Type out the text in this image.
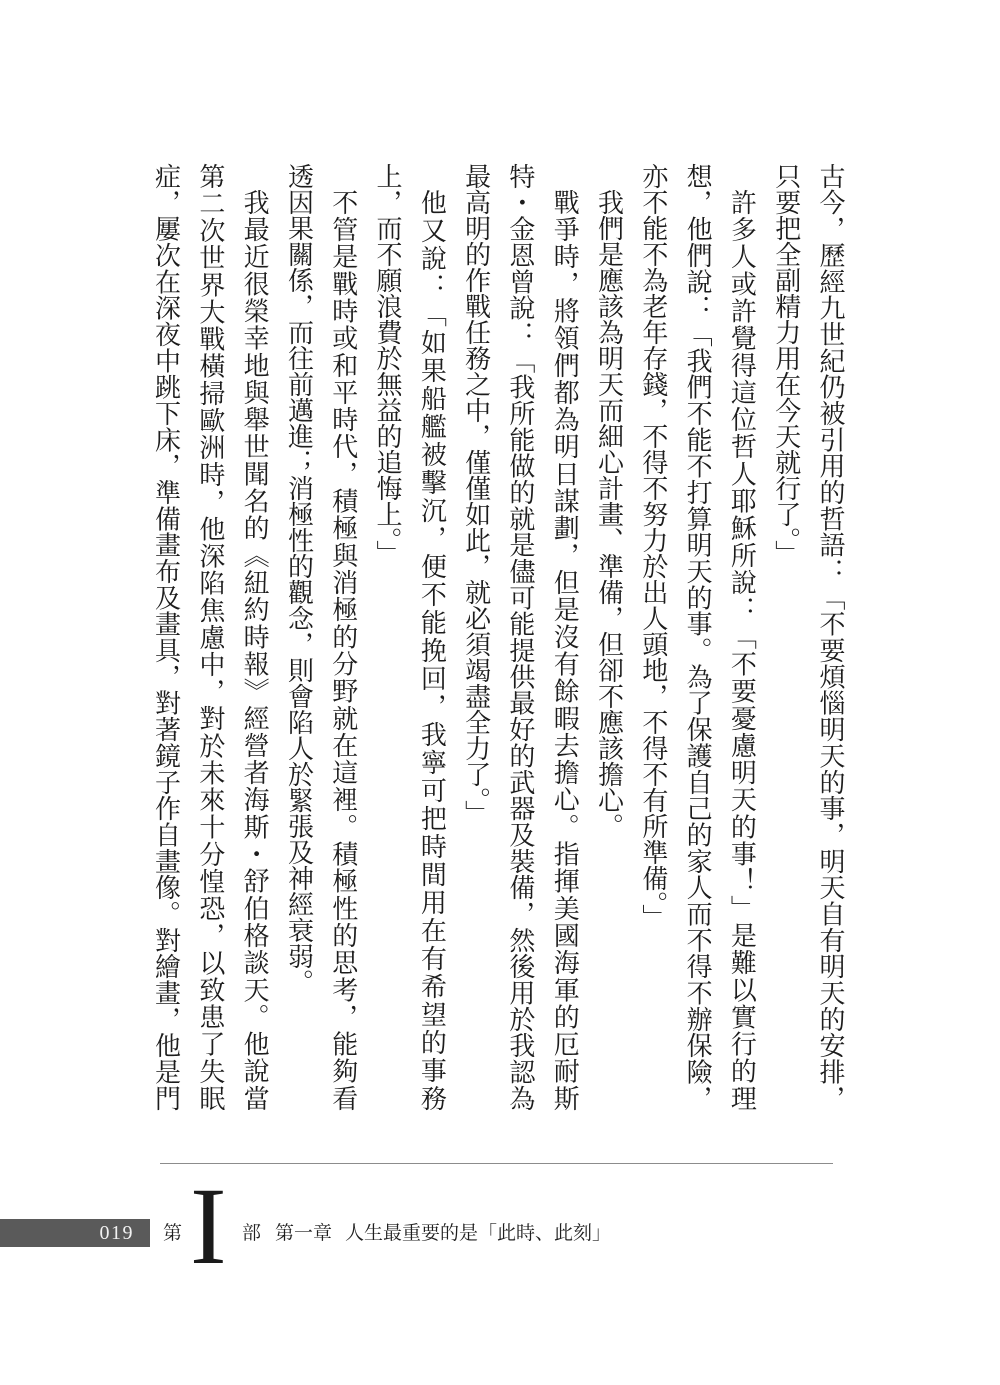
古今，歷經九世紀仍被引用的哲語：「不要煩惱明天的事，明天自有明天的安排，
只要把全副精力用在今天就行了。」
許多人或許覺得這位哲人耶穌所說：「不要憂慮明天的事！」是難以實行的理
想，他們說：「我們不能不打算明天的事。為了保護自己的家人而不得不辦保險，
亦不能不為老年存錢，不得不努力於出人頭地，不得不有所準備。」
我們是應該為明天而細心計畫、準備，但卻不應該擔心。
戰爭時，將領們都為明日謀劃，但是沒有餘暇去擔心。指揮美國海軍的厄耐斯
特・金恩曾說：「我所能做的就是儘可能提供最好的武器及裝備，然後用於我認為
最高明的作戰任務之中，僅僅如此，就必須竭盡全力了。」
他又說：「如果船艦被擊沉，便不能挽回，我寧可把時間用在有希望的事務
上，而不願浪費於無益的追悔上。」
不管是戰時或和平時代，積極與消極的分野就在這裡。積極性的思考，能夠看
透因果關係，而往前邁進；消極性的觀念，則會陷人於緊張及神經衰弱。
我最近很榮幸地與舉世聞名的《紐約時報》經營者海斯・舒伯格談天。他說當
第二次世界大戰橫掃歐洲時，他深陷焦慮中，對於未來十分惶恐，以致患了失眠
症，屢次在深夜中跳下床，準備畫布及畫具，對著鏡子作自畫像。對繪畫，他是門
019 第 I 部 第一章 人生最重要的是「此時、此刻」
